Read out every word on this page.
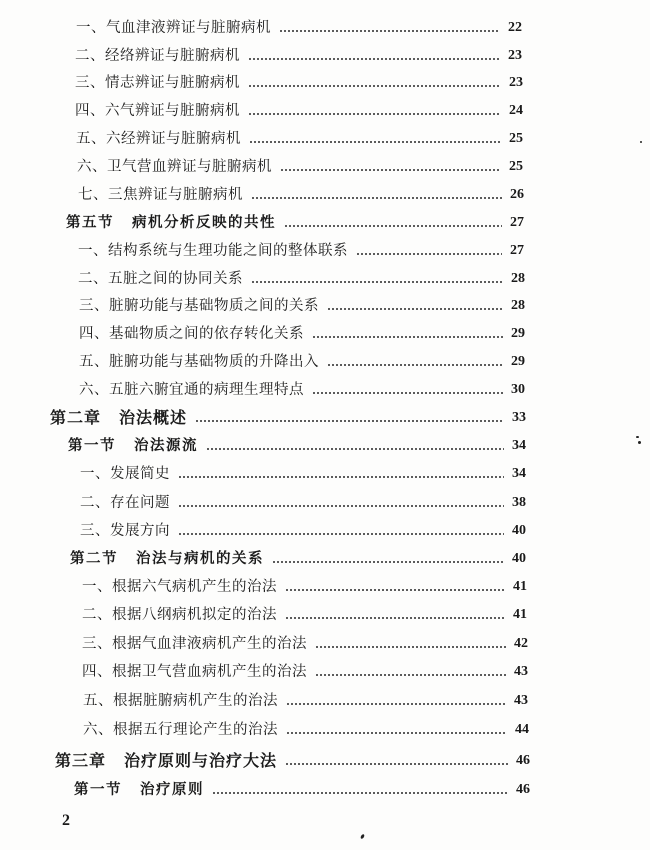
一、气血津液辨证与脏腑病机	22
二、经络辨证与脏腑病机	23
三、情志辨证与脏腑病机	23
四、六气辨证与脏腑病机	24
五、六经辨证与脏腑病机	25
六、卫气营血辨证与脏腑病机	25
七、三焦辨证与脏腑病机	26
第五节 病机分析反映的共性	27
一、结构系统与生理功能之间的整体联系	27
二、五脏之间的协同关系	28
三、脏腑功能与基础物质之间的关系	28
四、基础物质之间的依存转化关系	29
五、脏腑功能与基础物质的升降出入	29
六、五脏六腑宜通的病理生理特点	30
第二章 治法概述	33
第一节 治法源流	34
一、发展简史	34
二、存在问题	38
三、发展方向	40
第二节 治法与病机的关系	40
一、根据六气病机产生的治法	41
二、根据八纲病机拟定的治法	41
三、根据气血津液病机产生的治法	42
四、根据卫气营血病机产生的治法	43
五、根据脏腑病机产生的治法	43
六、根据五行理论产生的治法	44
第三章 治疗原则与治疗大法	46
第一节 治疗原则	46
2
